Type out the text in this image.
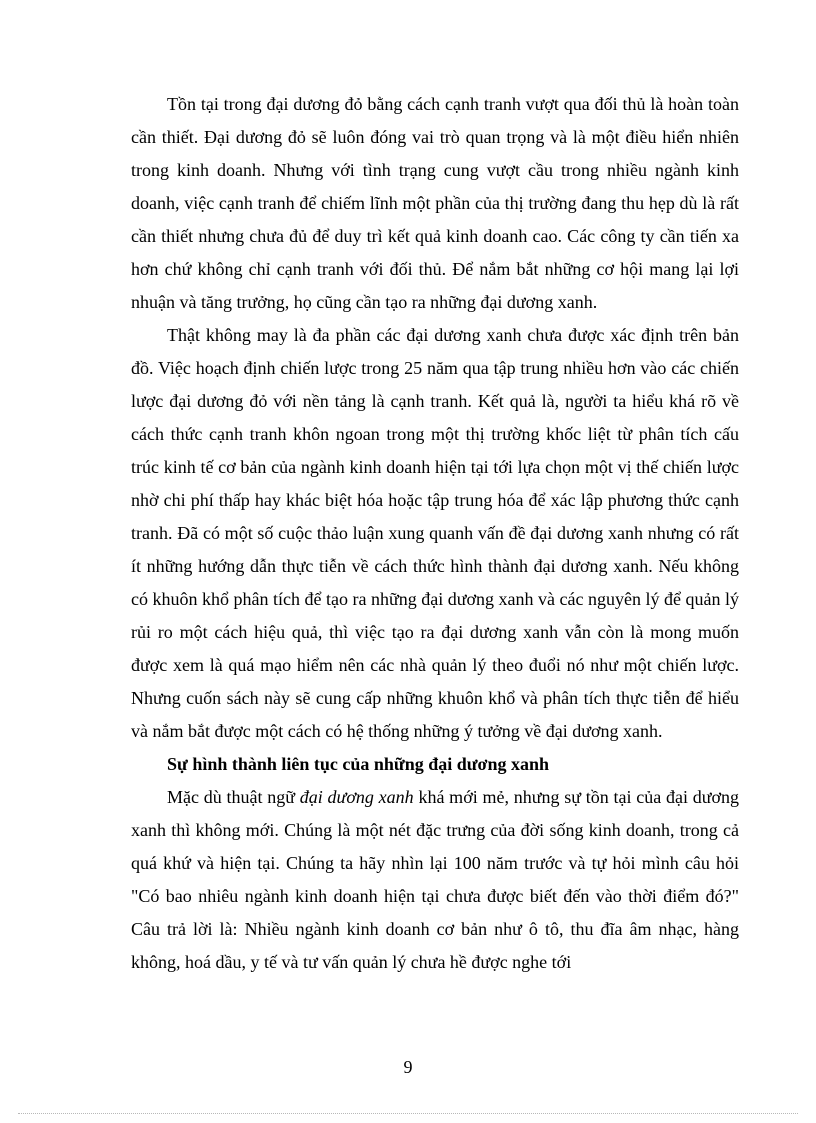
Tồn tại trong đại dương đỏ bằng cách cạnh tranh vượt qua đối thủ là hoàn toàn cần thiết. Đại dương đỏ sẽ luôn đóng vai trò quan trọng và là một điều hiển nhiên trong kinh doanh. Nhưng với tình trạng cung vượt cầu trong nhiều ngành kinh doanh, việc cạnh tranh để chiếm lĩnh một phần của thị trường đang thu hẹp dù là rất cần thiết nhưng chưa đủ để duy trì kết quả kinh doanh cao. Các công ty cần tiến xa hơn chứ không chỉ cạnh tranh với đối thủ. Để nắm bắt những cơ hội mang lại lợi nhuận và tăng trưởng, họ cũng cần tạo ra những đại dương xanh.

Thật không may là đa phần các đại dương xanh chưa được xác định trên bản đồ. Việc hoạch định chiến lược trong 25 năm qua tập trung nhiều hơn vào các chiến lược đại dương đỏ với nền tảng là cạnh tranh. Kết quả là, người ta hiểu khá rõ về cách thức cạnh tranh khôn ngoan trong một thị trường khốc liệt từ phân tích cấu trúc kinh tế cơ bản của ngành kinh doanh hiện tại tới lựa chọn một vị thế chiến lược nhờ chi phí thấp hay khác biệt hóa hoặc tập trung hóa để xác lập phương thức cạnh tranh. Đã có một số cuộc thảo luận xung quanh vấn đề đại dương xanh nhưng có rất ít những hướng dẫn thực tiễn về cách thức hình thành đại dương xanh. Nếu không có khuôn khổ phân tích để tạo ra những đại dương xanh và các nguyên lý để quản lý rủi ro một cách hiệu quả, thì việc tạo ra đại dương xanh vẫn còn là mong muốn được xem là quá mạo hiểm nên các nhà quản lý theo đuổi nó như một chiến lược. Nhưng cuốn sách này sẽ cung cấp những khuôn khổ và phân tích thực tiễn để hiểu và nắm bắt được một cách có hệ thống những ý tưởng về đại dương xanh.

Sự hình thành liên tục của những đại dương xanh

Mặc dù thuật ngữ đại dương xanh khá mới mẻ, nhưng sự tồn tại của đại dương xanh thì không mới. Chúng là một nét đặc trưng của đời sống kinh doanh, trong cả quá khứ và hiện tại. Chúng ta hãy nhìn lại 100 năm trước và tự hỏi mình câu hỏi "Có bao nhiêu ngành kinh doanh hiện tại chưa được biết đến vào thời điểm đó?" Câu trả lời là: Nhiều ngành kinh doanh cơ bản như ô tô, thu đĩa âm nhạc, hàng không, hoá dầu, y tế và tư vấn quản lý chưa hề được nghe tới

9
